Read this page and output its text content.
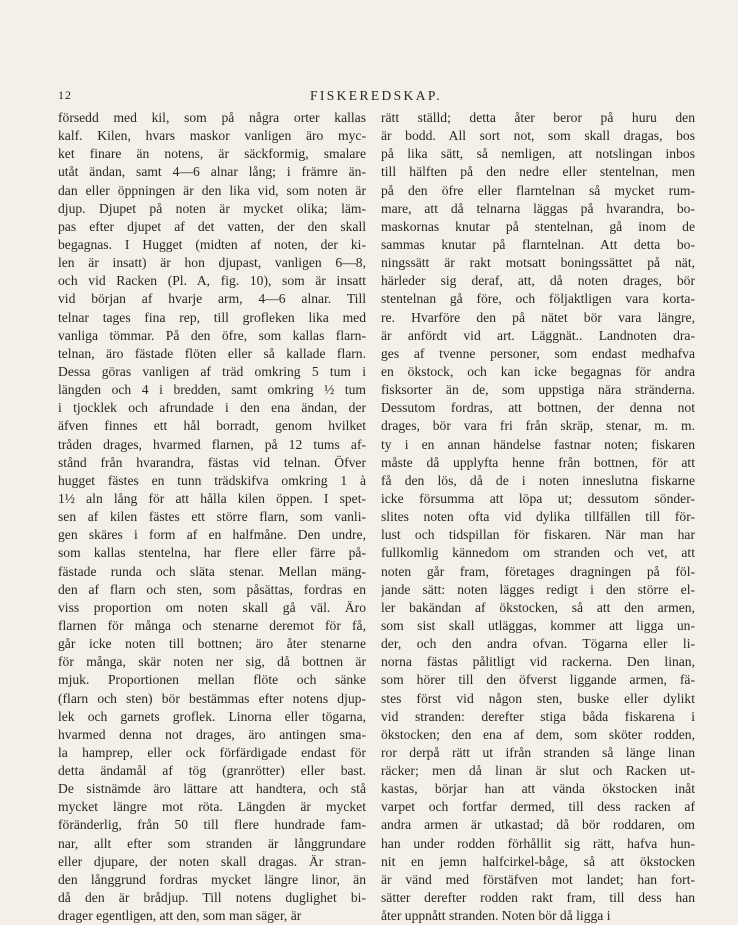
12	FISKEREDSKAP.
försedd med kil, som på några orter kallas
kalf. Kilen, hvars maskor vanligen äro myc-
ket finare än notens, är säckformig, smalare
utåt ändan, samt 4—6 alnar lång; i främre än-
dan eller öppningen är den lika vid, som noten är
djup. Djupet på noten är mycket olika; läm-
pas efter djupet af det vatten, der den skall
begagnas. I Hugget (midten af noten, der ki-
len är insatt) är hon djupast, vanligen 6—8,
och vid Racken (Pl. A, fig. 10), som är insatt
vid början af hvarje arm, 4—6 alnar. Till
telnar tages fina rep, till grofleken lika med
vanliga tömmar. På den öfre, som kallas flarn-
telnan, äro fästade flöten eller så kallade flarn.
Dessa göras vanligen af träd omkring 5 tum i
längden och 4 i bredden, samt omkring ½ tum
i tjocklek och afrundade i den ena ändan, der
äfven finnes ett hål borradt, genom hvilket
tråden drages, hvarmed flarnen, på 12 tums af-
stånd från hvarandra, fästas vid telnan. Öfver
hugget fästes en tunn trädskifva omkring 1 à
1½ aln lång för att hålla kilen öppen. I spet-
sen af kilen fästes ett större flarn, som vanli-
gen skäres i form af en halfmåne. Den undre,
som kallas stentelna, har flere eller färre på-
fästade runda och släta stenar. Mellan mäng-
den af flarn och sten, som påsättas, fordras en
viss proportion om noten skall gå väl. Äro
flarnen för många och stenarne deremot för få,
går icke noten till bottnen; äro åter stenarne
för många, skär noten ner sig, då bottnen är
mjuk. Proportionen mellan flöte och sänke
(flarn och sten) bör bestämmas efter notens djup-
lek och garnets groflek. Linorna eller tögarna,
hvarmed denna not drages, äro antingen sma-
la hamprep, eller ock förfärdigade endast för
detta ändamål af tög (granrötter) eller bast.
De sistnämde äro lättare att handtera, och stå
mycket längre mot röta. Längden är mycket
föränderlig, från 50 till flere hundrade fam-
nar, allt efter som stranden är långgrundare
eller djupare, der noten skall dragas. Är stran-
den långgrund fordras mycket längre linor, än
då den är brådjup. Till notens duglighet bi-
drager egentligen, att den, som man säger, är
rätt ställd; detta åter beror på huru den
är bodd. All sort not, som skall dragas, bos
på lika sätt, så nemligen, att notslingan inbos
till hälften på den nedre eller stentelnan, men
på den öfre eller flarntelnan så mycket rum-
mare, att då telnarna läggas på hvarandra, bo-
maskornas knutar på stentelnan, gå inom de
sammas knutar på flarntelnan. Att detta bo-
ningssätt är rakt motsatt boningssättet på nät,
härleder sig deraf, att, då noten drages, bör
stentelnan gå före, och följaktligen vara korta-
re. Hvarföre den på nätet bör vara längre,
är anfördt vid art. Läggnät.. Landnoten dra-
ges af tvenne personer, som endast medhafva
en ökstock, och kan icke begagnas för andra
fisksorter än de, som uppstiga nära stränderna.
Dessutom fordras, att bottnen, der denna not
drages, bör vara fri från skräp, stenar, m. m.
ty i en annan händelse fastnar noten; fiskaren
måste då upplyfta henne från bottnen, för att
få den lös, då de i noten inneslutna fiskarne
icke försumma att löpa ut; dessutom sönder-
slites noten ofta vid dylika tillfällen till för-
lust och tidspillan för fiskaren. När man har
fullkomlig kännedom om stranden och vet, att
noten går fram, företages dragningen på föl-
jande sätt: noten lägges redigt i den större el-
ler bakändan af ökstocken, så att den armen,
som sist skall utläggas, kommer att ligga un-
der, och den andra ofvan. Tögarna eller li-
norna fästas pålitligt vid rackerna. Den linan,
som hörer till den öfverst liggande armen, fä-
stes först vid någon sten, buske eller dylikt
vid stranden: derefter stiga båda fiskarena i
ökstocken; den ena af dem, som sköter rodden,
ror derpå rätt ut ifrån stranden så länge linan
räcker; men då linan är slut och Racken ut-
kastas, börjar han att vända ökstocken inåt
varpet och fortfar dermed, till dess racken af
andra armen är utkastad; då bör roddaren, om
han under rodden förhållit sig rätt, hafva hun-
nit en jemn halfcirkel-båge, så att ökstocken
är vänd med förstäfven mot landet; han fort-
sätter derefter rodden rakt fram, till dess han
åter uppnått stranden. Noten bör då ligga i
